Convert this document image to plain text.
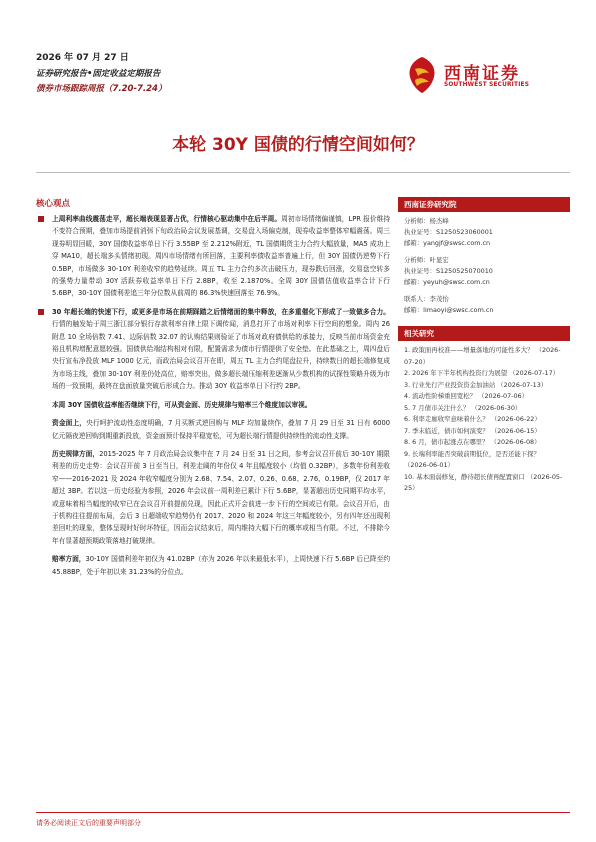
2026 年 07 月 27 日
证券研究报告•固定收益定期报告
债券市场跟踪周报（7.20-7.24）
西南证券
SOUTHWEST SECURITIES
本轮 30Y 国债的行情空间如何？
核心观点
上周利率曲线震荡走平，超长端表现显著占优，行情核心驱动集中在后半周。周初市场情绪偏谨慎，LPR 报价维持不变符合预期，叠加市场提前消弭下旬政治局会议发展基调，交易盘入场偏克制，现券收益率整体窄幅震荡。周三现券明显回暖，30Y 国债收益率单日下行 3.55BP 至 2.212%附近，TL 国债期货主力合约大幅放量，MA5 成功上穿 MA10，超长端多头情绪初现。周四市场情绪有所回落，主要利率债收益率普遍上行，但 30Y 国债仍逆势下行 0.5BP，市场做多 30-10Y 利差收窄的趋势延续。周五 TL 主力合约多次击破压力，现券跌后回涨，交易盘空转多的强势力量带动 30Y 活跃券收益率单日下行 2.8BP，收至 2.1870%。全周 30Y 国债估值收益率合计下行 5.6BP，30-10Y 国债利差追三年分位数从前周的 86.3%快速回落至 76.9%。
30 年超长端的快速下行，或更多是市场在前期踩踏之后情绪面的集中释放，在多重催化下形成了一致做多合力。行情的触发始于周三浙江部分银行存款利率自律上限下调传闻，消息打开了市场对利率下行空间的想象。周内 26 附息 10 全场倍数 7.41、边际倍数 32.07 的认购结果则验证了市场对政府债供给的承接力，反映当前市场资金充裕且机构增配意愿较强。国债供给端结构相对有限，配置需求为债市行情提供了安全垫。在此基础之上，周四盘后央行宣布净投放 MLF 1000 亿元，而政治局会议召开在即，周五 TL 主力合约尾盘拉升，持续数日的超长端修复成为市场主线，叠加 30-10Y 利差仍处高位，赔率突出，做多超长端压缩利差逐渐从少数机构的试探性策略升级为市场的一致预期，最终在盘面放量突破后形成合力。推动 30Y 收益率单日下行约 2BP。
本周 30Y 国债收益率能否继续下行，可从资金面、历史规律与赔率三个维度加以审视。
资金面上，央行呵护流动性态度明确，7 月买断式逆回购与 MLF 均加量续作，叠加 7 月 29 日至 31 日有 6000 亿元隔夜逆回购到期重新投放，资金面预计保持平稳宽松，可为超长端行情提供持续性的流动性支撑。
历史规律方面，2015-2025 年 7 月政治局会议集中在 7 月 24 日至 31 日之间，参考会议召开前后 30-10Y 期限利差的历史走势：会议召开前 3 日至当日，利差走阔的年份仅 4 年且幅度较小（均值 0.32BP），多数年份利差收窄——2016-2021 及 2024 年收窄幅度分别为 2.68、7.54、2.07、0.26、0.68、2.76、0.19BP，仅 2017 年超过 3BP。若以这一历史经验为参照，2026 年会议前一周利差已累计下行 5.6BP，显著超出历史同期平均水平，或意味着相当幅度的收窄已在会议召开前提前兑现，因此正式开会前进一步下行的空间或已有限。会议召开后，由于机构往往提前布局，会后 3 日超端收窄趋势仍有 2017、2020 和 2024 年这三年幅度较小，另有四年还出现利差回吐的现象，整体呈现时好时坏特征，因而会议结束后，周内维持大幅下行的概率或相当有限。不过，不排除今年有显著超预期政策落地打破规律。
赔率方面，30-10Y 国债利差年初仅为 41.02BP（亦为 2026 年以来最低水平），上周快速下行 5.6BP 后已降至约 45.88BP，处于年初以来 31.23%的分位点。
西南证券研究院
分析师：杨杰峰
执业证号：S1250523060001
邮箱：yangjf@swsc.com.cn
分析师：叶显宏
执业证号：S1250525070010
邮箱：yeyuh@swsc.com.cn
联系人：李茂怡
邮箱：limaoyi@swsc.com.cn
相关研究
1. 政策面再校准——增量落地的可能性多大？ （2026-07-20）
2. 2026 年下半年机构投资行为展望 （2026-07-17）
3. 行业先行产业投资资金加油站 （2026-07-13）
4. 流动性阶梯重回宽松？ （2026-07-06）
5. 7 月债市关注什么？ （2026-06-30）
6. 利率走廊收窄意味着什么？ （2026-06-22）
7. 季末临近，债市如何演变？ （2026-06-15）
8. 6 月，债市起涨点在哪里？ （2026-06-08）
9. 长端利率能否突破前期低位，是否还能下探？ （2026-06-01）
10. 基本面弱修复，静待超长债再配置窗口 （2026-05-25）
请务必阅读正文后的重要声明部分
